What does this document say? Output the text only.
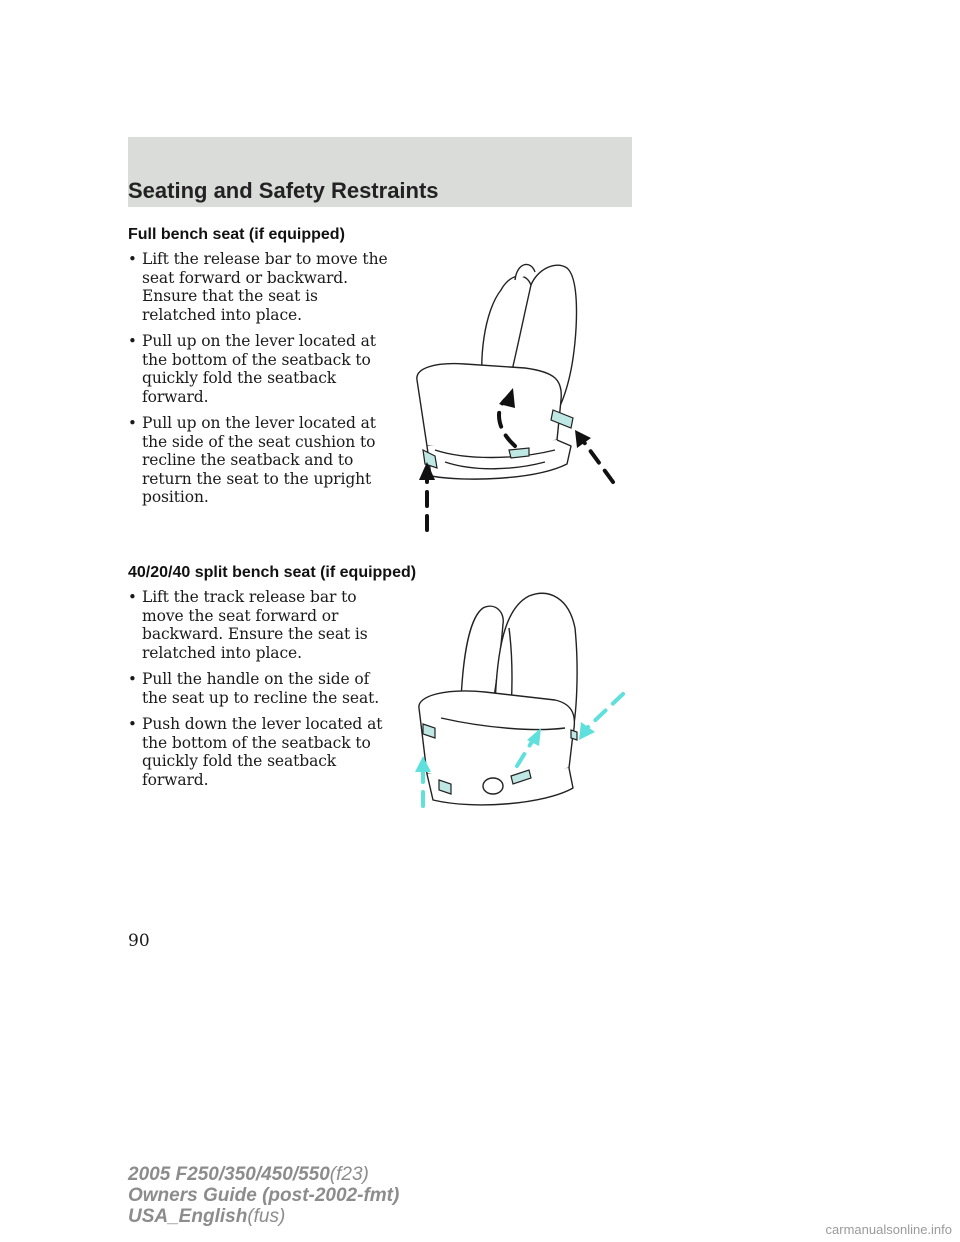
Seating and Safety Restraints
Full bench seat (if equipped)
• Lift the release bar to move the seat forward or backward. Ensure that the seat is relatched into place.
• Pull up on the lever located at the bottom of the seatback to quickly fold the seatback forward.
• Pull up on the lever located at the side of the seat cushion to recline the seatback and to return the seat to the upright position.
40/20/40 split bench seat (if equipped)
• Lift the track release bar to move the seat forward or backward. Ensure the seat is relatched into place.
• Pull the handle on the side of the seat up to recline the seat.
• Push down the lever located at the bottom of the seatback to quickly fold the seatback forward.
90
2005 F250/350/450/550(f23)
Owners Guide (post-2002-fmt)
USA_English(fus)
carmanualsonline.info
